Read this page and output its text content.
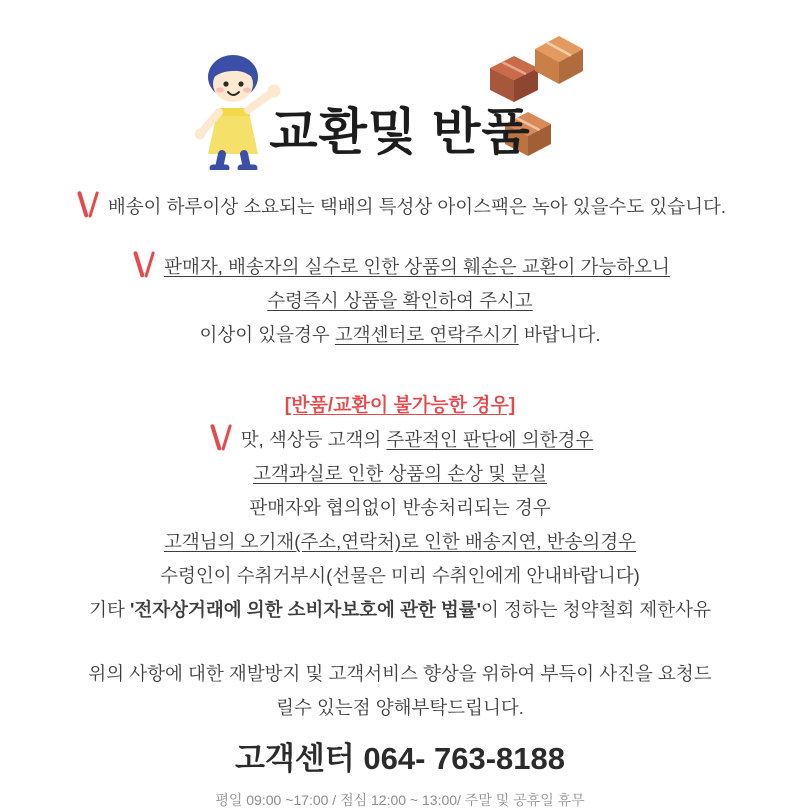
교환및 반품
배송이 하루이상 소요되는 택배의 특성상 아이스팩은 녹아 있을수도 있습니다.
판매자, 배송자의 실수로 인한 상품의 훼손은 교환이 가능하오니
수령즉시 상품을 확인하여 주시고
이상이 있을경우 고객센터로 연락주시기 바랍니다.
[반품/교환이 불가능한 경우]
맛, 색상등 고객의 주관적인 판단에 의한경우
고객과실로 인한 상품의 손상 및 분실
판매자와 협의없이 반송처리되는 경우
고객님의 오기재(주소,연락처)로 인한 배송지연, 반송의경우
수령인이 수취거부시(선물은 미리 수취인에게 안내바랍니다)
기타 '전자상거래에 의한 소비자보호에 관한 법률'이 정하는 청약철회 제한사유
위의 사항에 대한 재발방지 및 고객서비스 향상을 위하여 부득이 사진을 요청드
릴수 있는점 양해부탁드립니다.
고객센터 064- 763-8188
평일 09:00 ~17:00 / 점심 12:00 ~ 13:00/ 주말 및 공휴일 휴무
